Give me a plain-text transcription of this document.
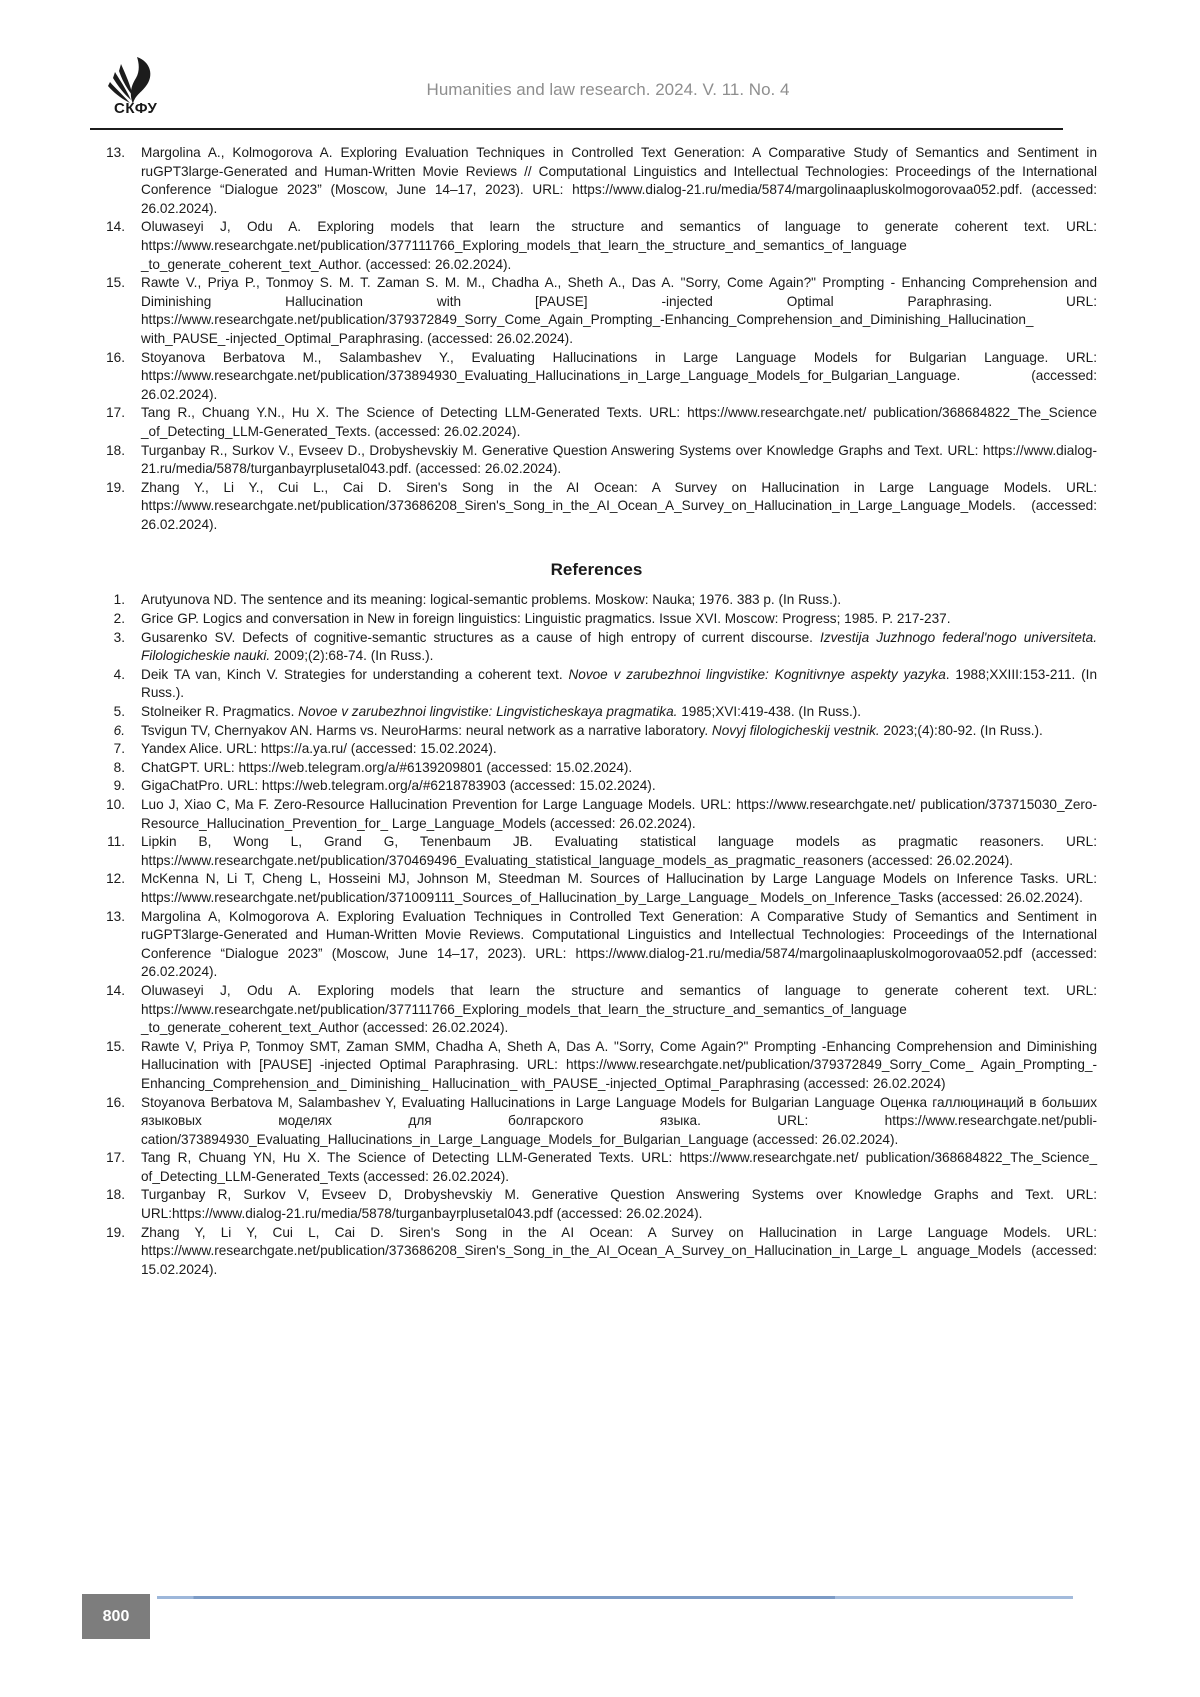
СКФУ
Humanities and law research. 2024. V. 11. No. 4
13. Margolina A., Kolmogorova A. Exploring Evaluation Techniques in Controlled Text Generation: A Comparative Study of Semantics and Sentiment in ruGPT3large-Generated and Human-Written Movie Reviews // Computational Linguistics and Intellectual Technologies: Proceedings of the International Conference “Dialogue 2023” (Moscow, June 14–17, 2023). URL: https://www.dialog-21.ru/media/5874/margolinaapluskolmogorovaa052.pdf. (accessed: 26.02.2024).
14. Oluwaseyi J, Odu A. Exploring models that learn the structure and semantics of language to generate coherent text. URL: https://www.researchgate.net/publication/377111766_Exploring_models_that_learn_the_structure_and_semantics_of_language _to_generate_coherent_text_Author. (accessed: 26.02.2024).
15. Rawte V., Priya P., Tonmoy S. M. T. Zaman S. M. M., Chadha A., Sheth A., Das A. "Sorry, Come Again?" Prompting - Enhancing Comprehension and Diminishing Hallucination with [PAUSE] -injected Optimal Paraphrasing. URL: https://www.researchgate.net/publication/379372849_Sorry_Come_Again_Prompting_-Enhancing_Comprehension_and_Diminishing_Hallucination_ with_PAUSE_-injected_Optimal_Paraphrasing. (accessed: 26.02.2024).
16. Stoyanova Berbatova M., Salambashev Y., Evaluating Hallucinations in Large Language Models for Bulgarian Language. URL: https://www.researchgate.net/publication/373894930_Evaluating_Hallucinations_in_Large_Language_Models_for_Bulgarian_Language. (accessed: 26.02.2024).
17. Tang R., Chuang Y.N., Hu X. The Science of Detecting LLM-Generated Texts. URL: https://www.researchgate.net/ publication/368684822_The_Science _of_Detecting_LLM-Generated_Texts. (accessed: 26.02.2024).
18. Turganbay R., Surkov V., Evseev D., Drobyshevskiy M. Generative Question Answering Systems over Knowledge Graphs and Text. URL: https://www.dialog-21.ru/media/5878/turganbayrplusetal043.pdf. (accessed: 26.02.2024).
19. Zhang Y., Li Y., Cui L., Cai D. Siren's Song in the AI Ocean: A Survey on Hallucination in Large Language Models. URL: https://www.researchgate.net/publication/373686208_Siren's_Song_in_the_AI_Ocean_A_Survey_on_Hallucination_in_Large_Language_Models. (accessed: 26.02.2024).
References
1. Arutyunova ND. The sentence and its meaning: logical-semantic problems. Moskow: Nauka; 1976. 383 p. (In Russ.).
2. Grice GP. Logics and conversation in New in foreign linguistics: Linguistic pragmatics. Issue XVI. Moscow: Progress; 1985. P. 217-237.
3. Gusarenko SV. Defects of cognitive-semantic structures as a cause of high entropy of current discourse. Izvestija Juzhnogo federal'nogo universiteta. Filologicheskie nauki. 2009;(2):68-74. (In Russ.).
4. Deik TA van, Kinch V. Strategies for understanding a coherent text. Novoe v zarubezhnoi lingvistike: Kognitivnye aspekty yazyka. 1988;XXIII:153-211. (In Russ.).
5. Stolneiker R. Pragmatics. Novoe v zarubezhnoi lingvistike: Lingvisticheskaya pragmatika. 1985;XVI:419-438. (In Russ.).
6. Tsvigun TV, Chernyakov AN. Harms vs. NeuroHarms: neural network as a narrative laboratory. Novyj filologicheskij vestnik. 2023;(4):80-92. (In Russ.).
7. Yandex Alice. URL: https://a.ya.ru/ (accessed: 15.02.2024).
8. ChatGPT. URL: https://web.telegram.org/a/#6139209801 (accessed: 15.02.2024).
9. GigaChatPro. URL: https://web.telegram.org/a/#6218783903 (accessed: 15.02.2024).
10. Luo J, Xiao C, Ma F. Zero-Resource Hallucination Prevention for Large Language Models. URL: https://www.researchgate.net/ publication/373715030_Zero-Resource_Hallucination_Prevention_for_ Large_Language_Models (accessed: 26.02.2024).
11. Lipkin B, Wong L, Grand G, Tenenbaum JB. Evaluating statistical language models as pragmatic reasoners. URL: https://www.researchgate.net/publication/370469496_Evaluating_statistical_language_models_as_pragmatic_reasoners (accessed: 26.02.2024).
12. McKenna N, Li T, Cheng L, Hosseini MJ, Johnson M, Steedman M. Sources of Hallucination by Large Language Models on Inference Tasks. URL: https://www.researchgate.net/publication/371009111_Sources_of_Hallucination_by_Large_Language_ Models_on_Inference_Tasks (accessed: 26.02.2024).
13. Margolina A, Kolmogorova A. Exploring Evaluation Techniques in Controlled Text Generation: A Comparative Study of Semantics and Sentiment in ruGPT3large-Generated and Human-Written Movie Reviews. Computational Linguistics and Intellectual Technologies: Proceedings of the International Conference “Dialogue 2023” (Moscow, June 14–17, 2023). URL: https://www.dialog-21.ru/media/5874/margolinaapluskolmogorovaa052.pdf (accessed: 26.02.2024).
14. Oluwaseyi J, Odu A. Exploring models that learn the structure and semantics of language to generate coherent text. URL: https://www.researchgate.net/publication/377111766_Exploring_models_that_learn_the_structure_and_semantics_of_language _to_generate_coherent_text_Author (accessed: 26.02.2024).
15. Rawte V, Priya P, Tonmoy SMT, Zaman SMM, Chadha A, Sheth A, Das A. "Sorry, Come Again?" Prompting -Enhancing Comprehension and Diminishing Hallucination with [PAUSE] -injected Optimal Paraphrasing. URL: https://www.researchgate.net/publication/379372849_Sorry_Come_ Again_Prompting_-Enhancing_Comprehension_and_ Diminishing_ Hallucination_ with_PAUSE_-injected_Optimal_Paraphrasing (accessed: 26.02.2024)
16. Stoyanova Berbatova M, Salambashev Y, Evaluating Hallucinations in Large Language Models for Bulgarian Language Оценка галлюцинаций в больших языковых моделях для болгарского языка. URL: https://www.researchgate.net/publi-cation/373894930_Evaluating_Hallucinations_in_Large_Language_Models_for_Bulgarian_Language (accessed: 26.02.2024).
17. Tang R, Chuang YN, Hu X. The Science of Detecting LLM-Generated Texts. URL: https://www.researchgate.net/ publication/368684822_The_Science_ of_Detecting_LLM-Generated_Texts (accessed: 26.02.2024).
18. Turganbay R, Surkov V, Evseev D, Drobyshevskiy M. Generative Question Answering Systems over Knowledge Graphs and Text. URL: URL:https://www.dialog-21.ru/media/5878/turganbayrplusetal043.pdf (accessed: 26.02.2024).
19. Zhang Y, Li Y, Cui L, Cai D. Siren's Song in the AI Ocean: A Survey on Hallucination in Large Language Models. URL: https://www.researchgate.net/publication/373686208_Siren's_Song_in_the_AI_Ocean_A_Survey_on_Hallucination_in_Large_L anguage_Models (accessed: 15.02.2024).
800
